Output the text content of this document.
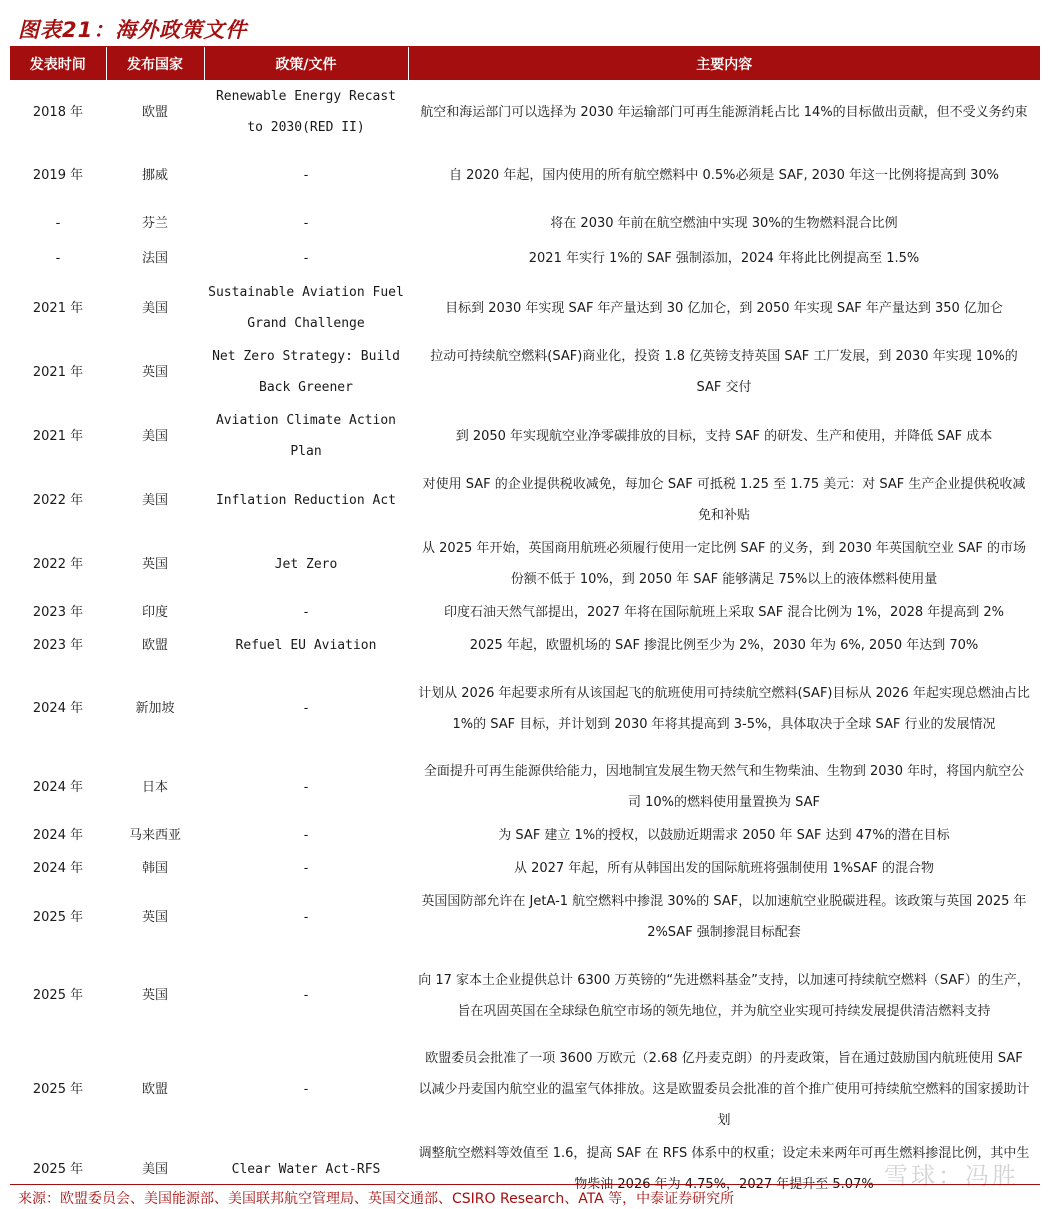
图表21：海外政策文件
发表时间	发布国家	政策/文件	主要内容
2018 年	欧盟	Renewable Energy Recast to 2030(RED II)	航空和海运部门可以选择为 2030 年运输部门可再生能源消耗占比 14%的目标做出贡献，但不受义务约束
2019 年	挪威	-	自 2020 年起，国内使用的所有航空燃料中 0.5%必须是 SAF, 2030 年这一比例将提高到 30%
-	芬兰	-	将在 2030 年前在航空燃油中实现 30%的生物燃料混合比例
-	法国	-	2021 年实行 1%的 SAF 强制添加，2024 年将此比例提高至 1.5%
2021 年	美国	Sustainable Aviation Fuel Grand Challenge	目标到 2030 年实现 SAF 年产量达到 30 亿加仑，到 2050 年实现 SAF 年产量达到 350 亿加仑
2021 年	英国	Net Zero Strategy: Build Back Greener	拉动可持续航空燃料(SAF)商业化，投资 1.8 亿英镑支持英国 SAF 工厂发展，到 2030 年实现 10%的 SAF 交付
2021 年	美国	Aviation Climate Action Plan	到 2050 年实现航空业净零碳排放的目标，支持 SAF 的研发、生产和使用，并降低 SAF 成本
2022 年	美国	Inflation Reduction Act	对使用 SAF 的企业提供税收减免，每加仑 SAF 可抵税 1.25 至 1.75 美元：对 SAF 生产企业提供税收减免和补贴
2022 年	英国	Jet Zero	从 2025 年开始，英国商用航班必须履行使用一定比例 SAF 的义务，到 2030 年英国航空业 SAF 的市场份额不低于 10%，到 2050 年 SAF 能够满足 75%以上的液体燃料使用量
2023 年	印度	-	印度石油天然气部提出，2027 年将在国际航班上采取 SAF 混合比例为 1%，2028 年提高到 2%
2023 年	欧盟	Refuel EU Aviation	2025 年起，欧盟机场的 SAF 掺混比例至少为 2%，2030 年为 6%, 2050 年达到 70%
2024 年	新加坡	-	计划从 2026 年起要求所有从该国起飞的航班使用可持续航空燃料(SAF)目标从 2026 年起实现总燃油占比 1%的 SAF 目标，并计划到 2030 年将其提高到 3-5%，具体取决于全球 SAF 行业的发展情况
2024 年	日本	-	全面提升可再生能源供给能力，因地制宜发展生物天然气和生物柴油、生物到 2030 年时，将国内航空公司 10%的燃料使用量置换为 SAF
2024 年	马来西亚	-	为 SAF 建立 1%的授权，以鼓励近期需求 2050 年 SAF 达到 47%的潜在目标
2024 年	韩国	-	从 2027 年起，所有从韩国出发的国际航班将强制使用 1%SAF 的混合物
2025 年	英国	-	英国国防部允许在 JetA-1 航空燃料中掺混 30%的 SAF，以加速航空业脱碳进程。该政策与英国 2025 年 2%SAF 强制掺混目标配套
2025 年	英国	-	向 17 家本土企业提供总计 6300 万英镑的“先进燃料基金”支持，以加速可持续航空燃料（SAF）的生产，旨在巩固英国在全球绿色航空市场的领先地位，并为航空业实现可持续发展提供清洁燃料支持
2025 年	欧盟	-	欧盟委员会批准了一项 3600 万欧元（2.68 亿丹麦克朗）的丹麦政策，旨在通过鼓励国内航班使用 SAF 以减少丹麦国内航空业的温室气体排放。这是欧盟委员会批准的首个推广使用可持续航空燃料的国家援助计划
2025 年	美国	Clear Water Act-RFS	调整航空燃料等效值至 1.6，提高 SAF 在 RFS 体系中的权重；设定未来两年可再生燃料掺混比例，其中生物柴油 2026 年为 4.75%，2027 年提升至 5.07% 雪球：冯胜
来源：欧盟委员会、美国能源部、美国联邦航空管理局、英国交通部、CSIRO Research、ATA 等，中泰证券研究所
